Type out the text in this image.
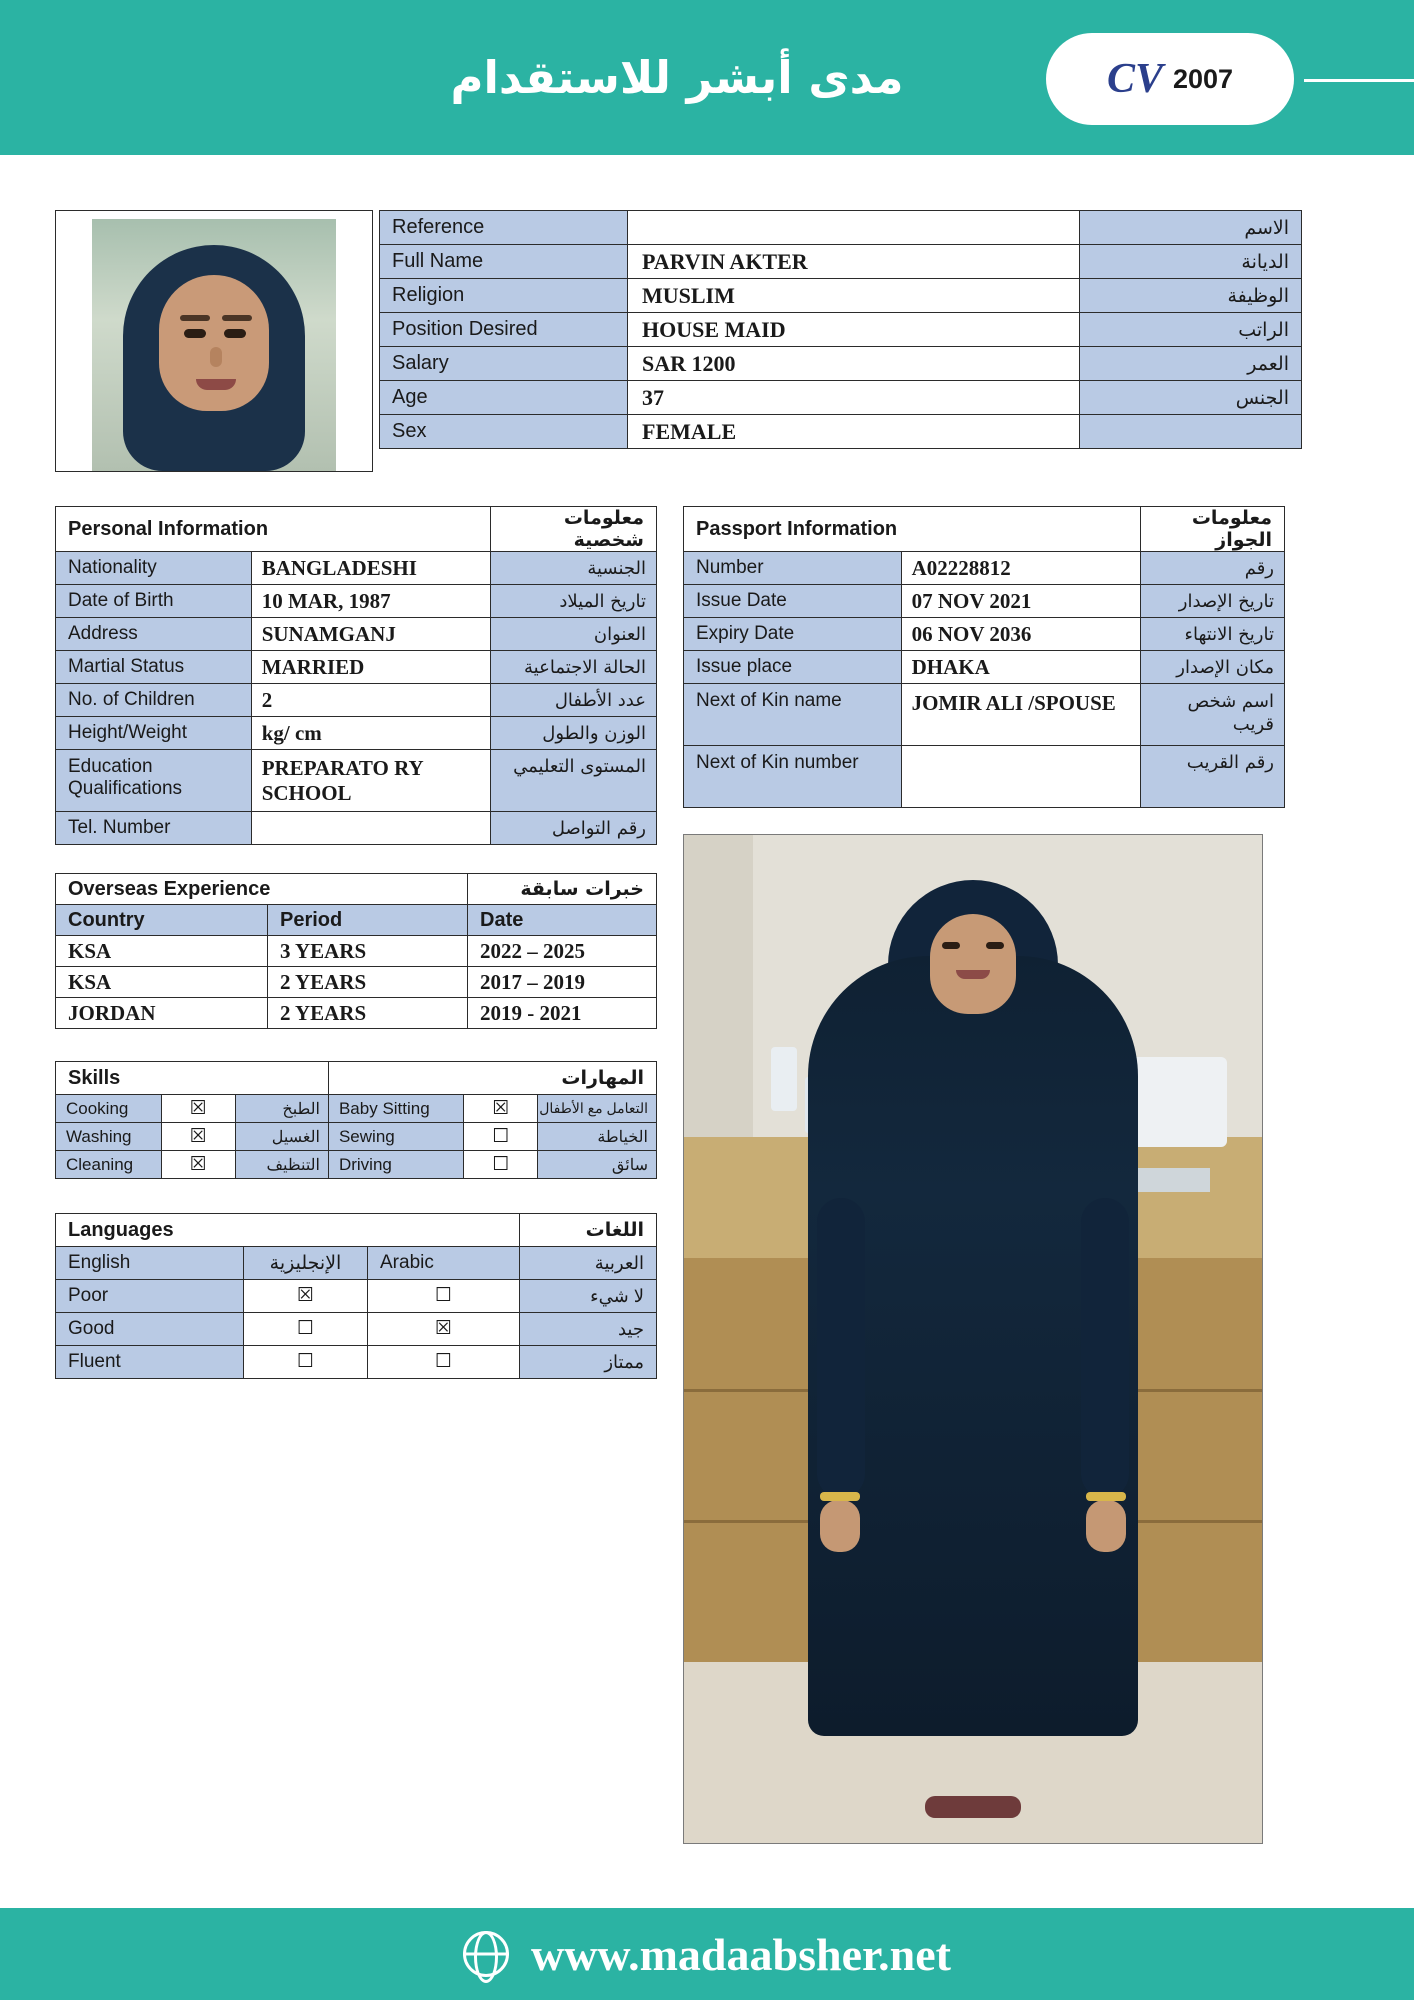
مدى أبشر للاستقدام	CV 2007
Reference		الاسم
Full Name	PARVIN AKTER	الديانة
Religion	MUSLIM	الوظيفة
Position Desired	HOUSE MAID	الراتب
Salary	SAR 1200	العمر
Age	37	الجنس
Sex	FEMALE	
Personal Information		معلومات شخصية
Nationality	BANGLADESHI	الجنسية
Date of Birth	10 MAR, 1987	تاريخ الميلاد
Address	SUNAMGANJ	العنوان
Martial Status	MARRIED	الحالة الاجتماعية
No. of Children	2	عدد الأطفال
Height/Weight	kg/ cm	الوزن والطول
Education Qualifications	PREPARATO RY SCHOOL	المستوى التعليمي
Tel. Number		رقم التواصل
Overseas Experience		خبرات سابقة
Country	Period	Date
KSA	3 YEARS	2022 – 2025
KSA	2 YEARS	2017 – 2019
JORDAN	2 YEARS	2019 - 2021
Skills			المهارات		
Cooking	☒	الطبخ	Baby Sitting	☒	التعامل مع الأطفال
Washing	☒	الغسيل	Sewing	☐	الخياطة
Cleaning	☒	التنظيف	Driving	☐	سائق
Languages			اللغات
English	الإنجليزية	Arabic	العربية
Poor	☒	☐	لا شيء
Good	☐	☒	جيد
Fluent	☐	☐	ممتاز
Passport Information		معلومات الجواز
Number	A02228812	رقم
Issue Date	07 NOV 2021	تاريخ الإصدار
Expiry Date	06 NOV 2036	تاريخ الانتهاء
Issue place	DHAKA	مكان الإصدار
Next of Kin name	JOMIR ALI /SPOUSE	اسم شخص قريب
Next of Kin number		رقم القريب
www.madaabsher.net
